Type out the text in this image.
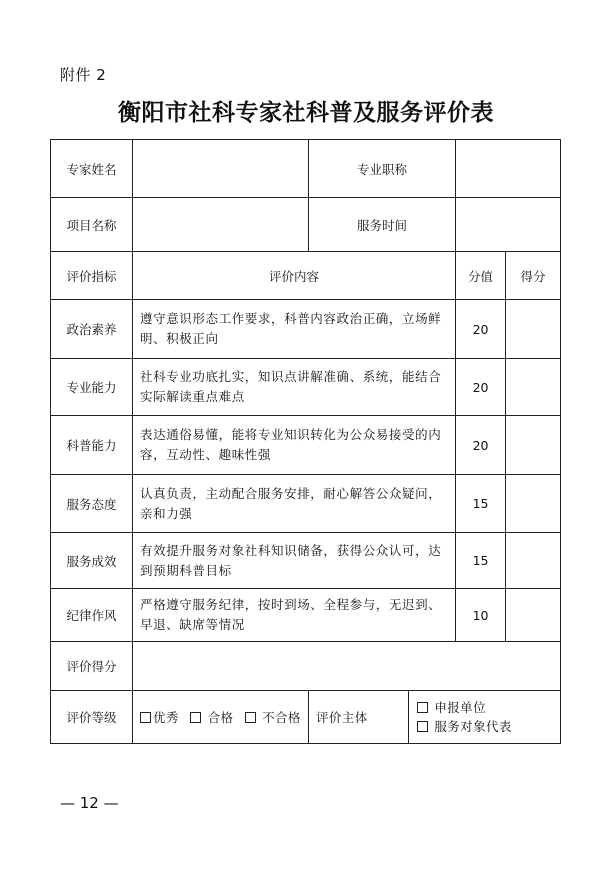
附件 2
衡阳市社科专家社科普及服务评价表
专家姓名		专业职称			
项目名称		服务时间			
评价指标	评价内容			分值	得分
政治素养	遵守意识形态工作要求，科普内容政治正确，立场鲜明、积极正向			20	
专业能力	社科专业功底扎实，知识点讲解准确、系统，能结合实际解读重点难点			20	
科普能力	表达通俗易懂，能将专业知识转化为公众易接受的内容，互动性、趣味性强			20	
服务态度	认真负责，主动配合服务安排，耐心解答公众疑问，亲和力强			15	
服务成效	有效提升服务对象社科知识储备，获得公众认可，达到预期科普目标			15	
纪律作风	严格遵守服务纪律，按时到场、全程参与，无迟到、早退、缺席等情况			10	
评价得分					
评价等级	优秀 合格 不合格	评价主体	申报单位
服务对象代表		
— 12 —
